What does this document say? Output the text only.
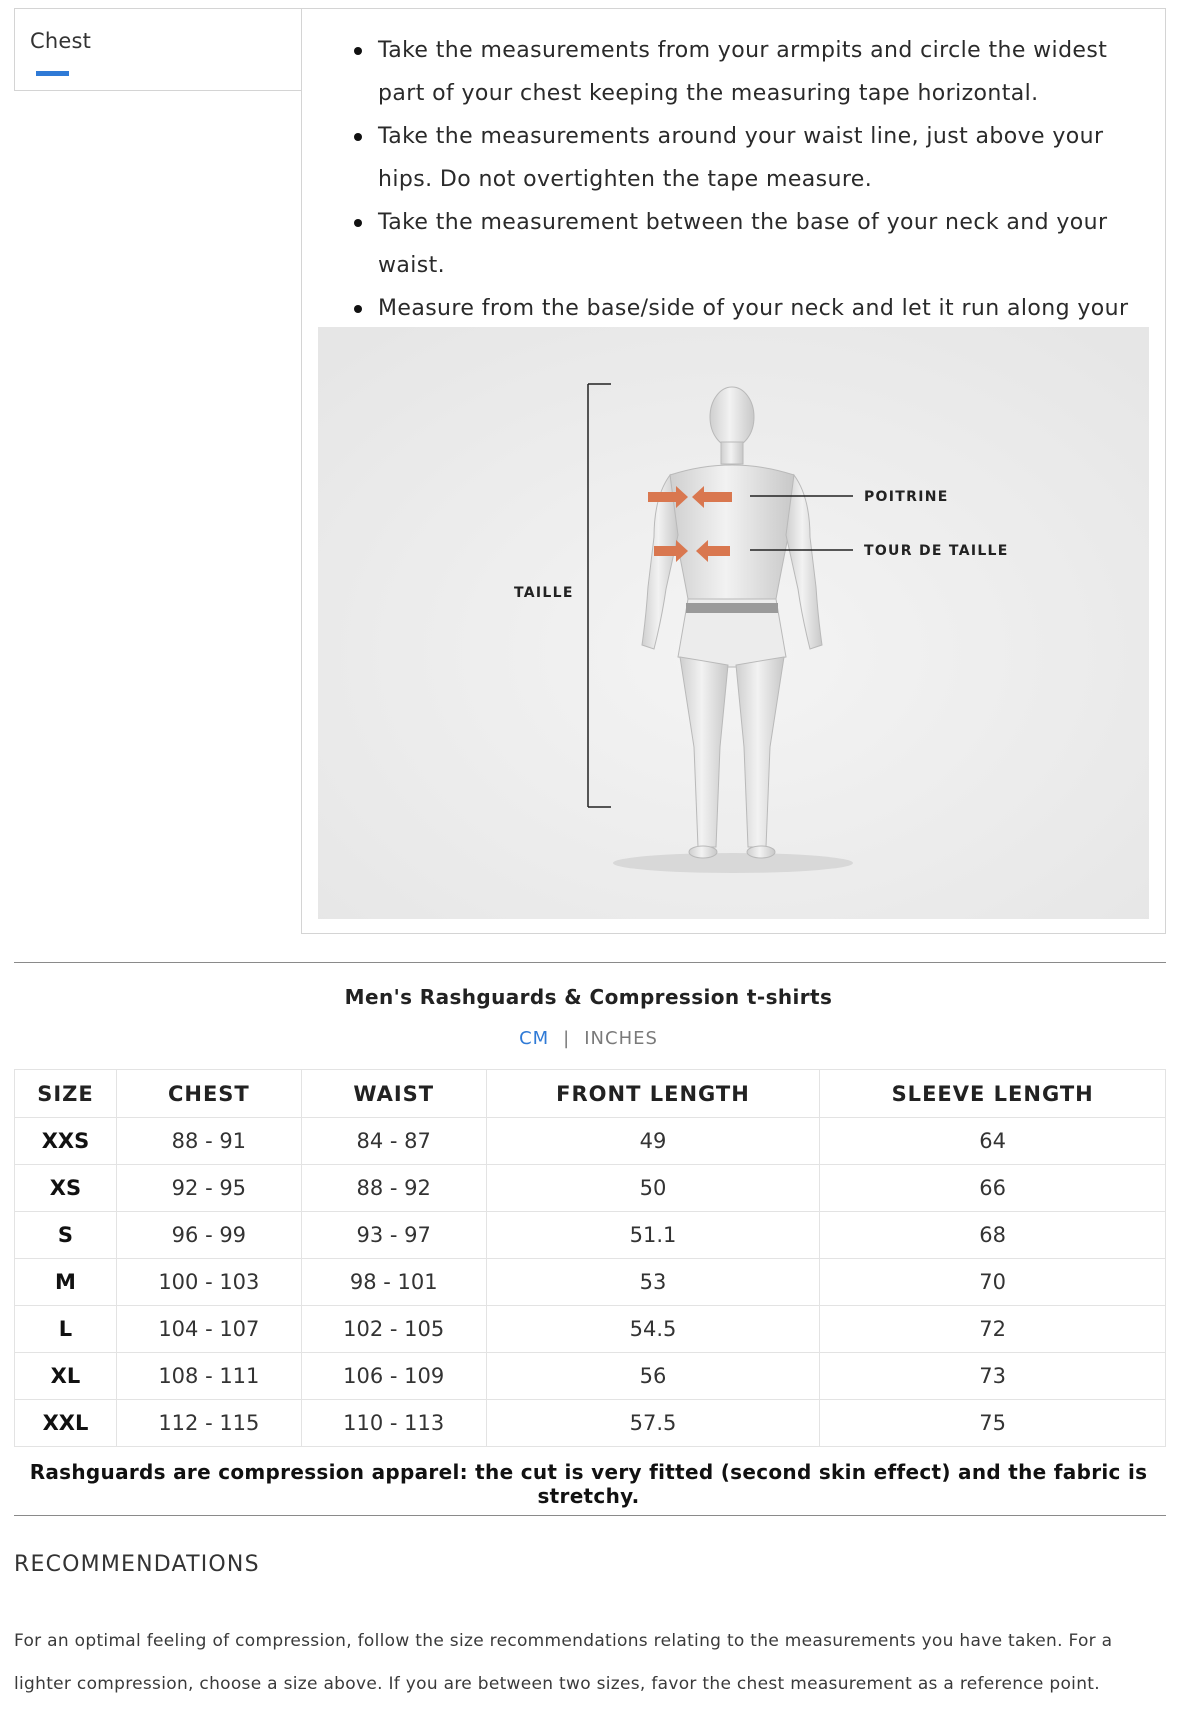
Chest	Take the measurements from your armpits and circle the widest part of your chest keeping the measuring tape horizontal.
Take the measurements around your waist line, just above your hips. Do not overtighten the tape measure.
Take the measurement between the base of your neck and your waist.
Measure from the base/side of your neck and let it run along your
TAILLE
POITRINE
TOUR DE TAILLE
Men's Rashguards & Compression t-shirts
CM | INCHES
SIZE	CHEST	WAIST	FRONT LENGTH	SLEEVE LENGTH
XXS	88 - 91	84 - 87	49	64
XS	92 - 95	88 - 92	50	66
S	96 - 99	93 - 97	51.1	68
M	100 - 103	98 - 101	53	70
L	104 - 107	102 - 105	54.5	72
XL	108 - 111	106 - 109	56	73
XXL	112 - 115	110 - 113	57.5	75
Rashguards are compression apparel: the cut is very fitted (second skin effect) and the fabric is stretchy.
RECOMMENDATIONS
For an optimal feeling of compression, follow the size recommendations relating to the measurements you have taken. For a lighter compression, choose a size above. If you are between two sizes, favor the chest measurement as a reference point.
